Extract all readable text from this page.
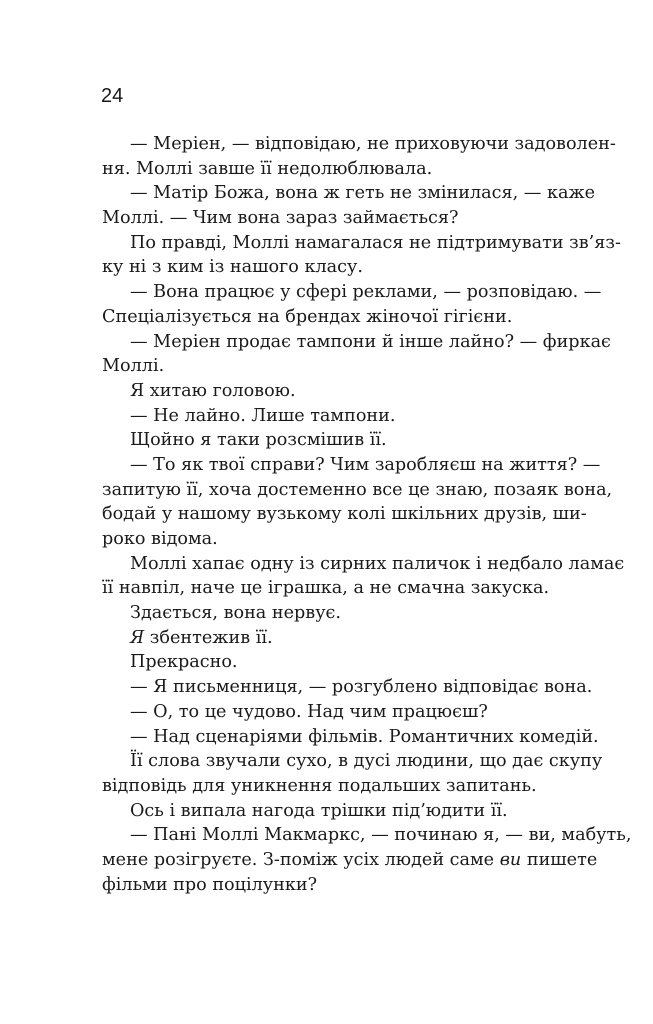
24
— Меріен, — відповідаю, не приховуючи задоволен-
ня. Моллі завше її недолюблювала.
— Матір Божа, вона ж геть не змінилася, — каже
Моллі. — Чим вона зараз займається?
По правді, Моллі намагалася не підтримувати зв’яз-
ку ні з ким із нашого класу.
— Вона працює у сфері реклами, — розповідаю. —
Спеціалізується на брендах жіночої гігієни.
— Меріен продає тампони й інше лайно? — фиркає
Моллі.
Я хитаю головою.
— Не лайно. Лише тампони.
Щойно я таки розсмішив її.
— То як твої справи? Чим заробляєш на життя? —
запитую її, хоча достеменно все це знаю, позаяк вона,
бодай у нашому вузькому колі шкільних друзів, ши-
роко відома.
Моллі хапає одну із сирних паличок і недбало ламає
її навпіл, наче це іграшка, а не смачна закуска.
Здається, вона нервує.
Я збентежив її.
Прекрасно.
— Я письменниця, — розгублено відповідає вона.
— О, то це чудово. Над чим працюєш?
— Над сценаріями фільмів. Романтичних комедій.
Її слова звучали сухо, в дусі людини, що дає скупу
відповідь для уникнення подальших запитань.
Ось і випала нагода трішки під’юдити її.
— Пані Моллі Макмаркс, — починаю я, — ви, мабуть,
мене розігруєте. З-поміж усіх людей саме ви пишете
фільми про поцілунки?
